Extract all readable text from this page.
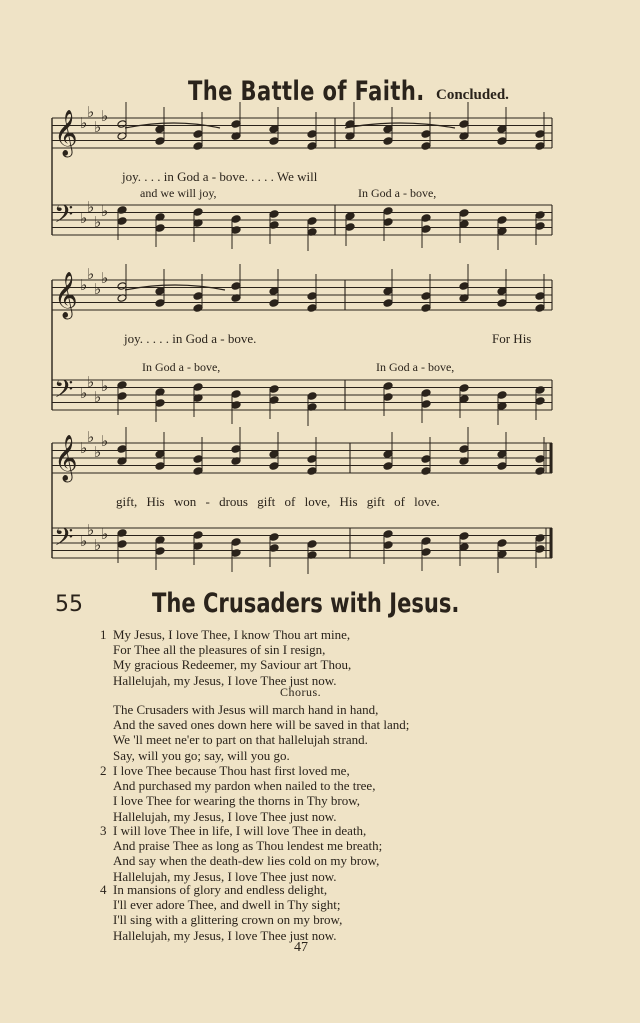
The Battle of Faith. Concluded.
𝄞
𝄢
♭
♭
♭
♭
♭
♭
♭
♭
𝄞
𝄢
♭
♭
♭
♭
♭
♭
♭
♭
𝄞
𝄢
♭
♭
♭
♭
♭
♭
♭
♭
joy. . . . in God a - bove. . . . . We will
and we will joy,	In God a - bove,
joy. . . . . in God a - bove.	For His
In God a - bove,	In God a - bove,
gift, His won - drous gift of love, His gift of love.
55	The Crusaders with Jesus.
1 My Jesus, I love Thee, I know Thou art mine,
For Thee all the pleasures of sin I resign,
My gracious Redeemer, my Saviour art Thou,
Hallelujah, my Jesus, I love Thee just now.
Chorus.
The Crusaders with Jesus will march hand in hand,
And the saved ones down here will be saved in that land;
We 'll meet ne'er to part on that hallelujah strand.
Say, will you go; say, will you go.
2 I love Thee because Thou hast first loved me,
And purchased my pardon when nailed to the tree,
I love Thee for wearing the thorns in Thy brow,
Hallelujah, my Jesus, I love Thee just now.
3 I will love Thee in life, I will love Thee in death,
And praise Thee as long as Thou lendest me breath;
And say when the death-dew lies cold on my brow,
Hallelujah, my Jesus, I love Thee just now.
4 In mansions of glory and endless delight,
I'll ever adore Thee, and dwell in Thy sight;
I'll sing with a glittering crown on my brow,
Hallelujah, my Jesus, I love Thee just now.
47
